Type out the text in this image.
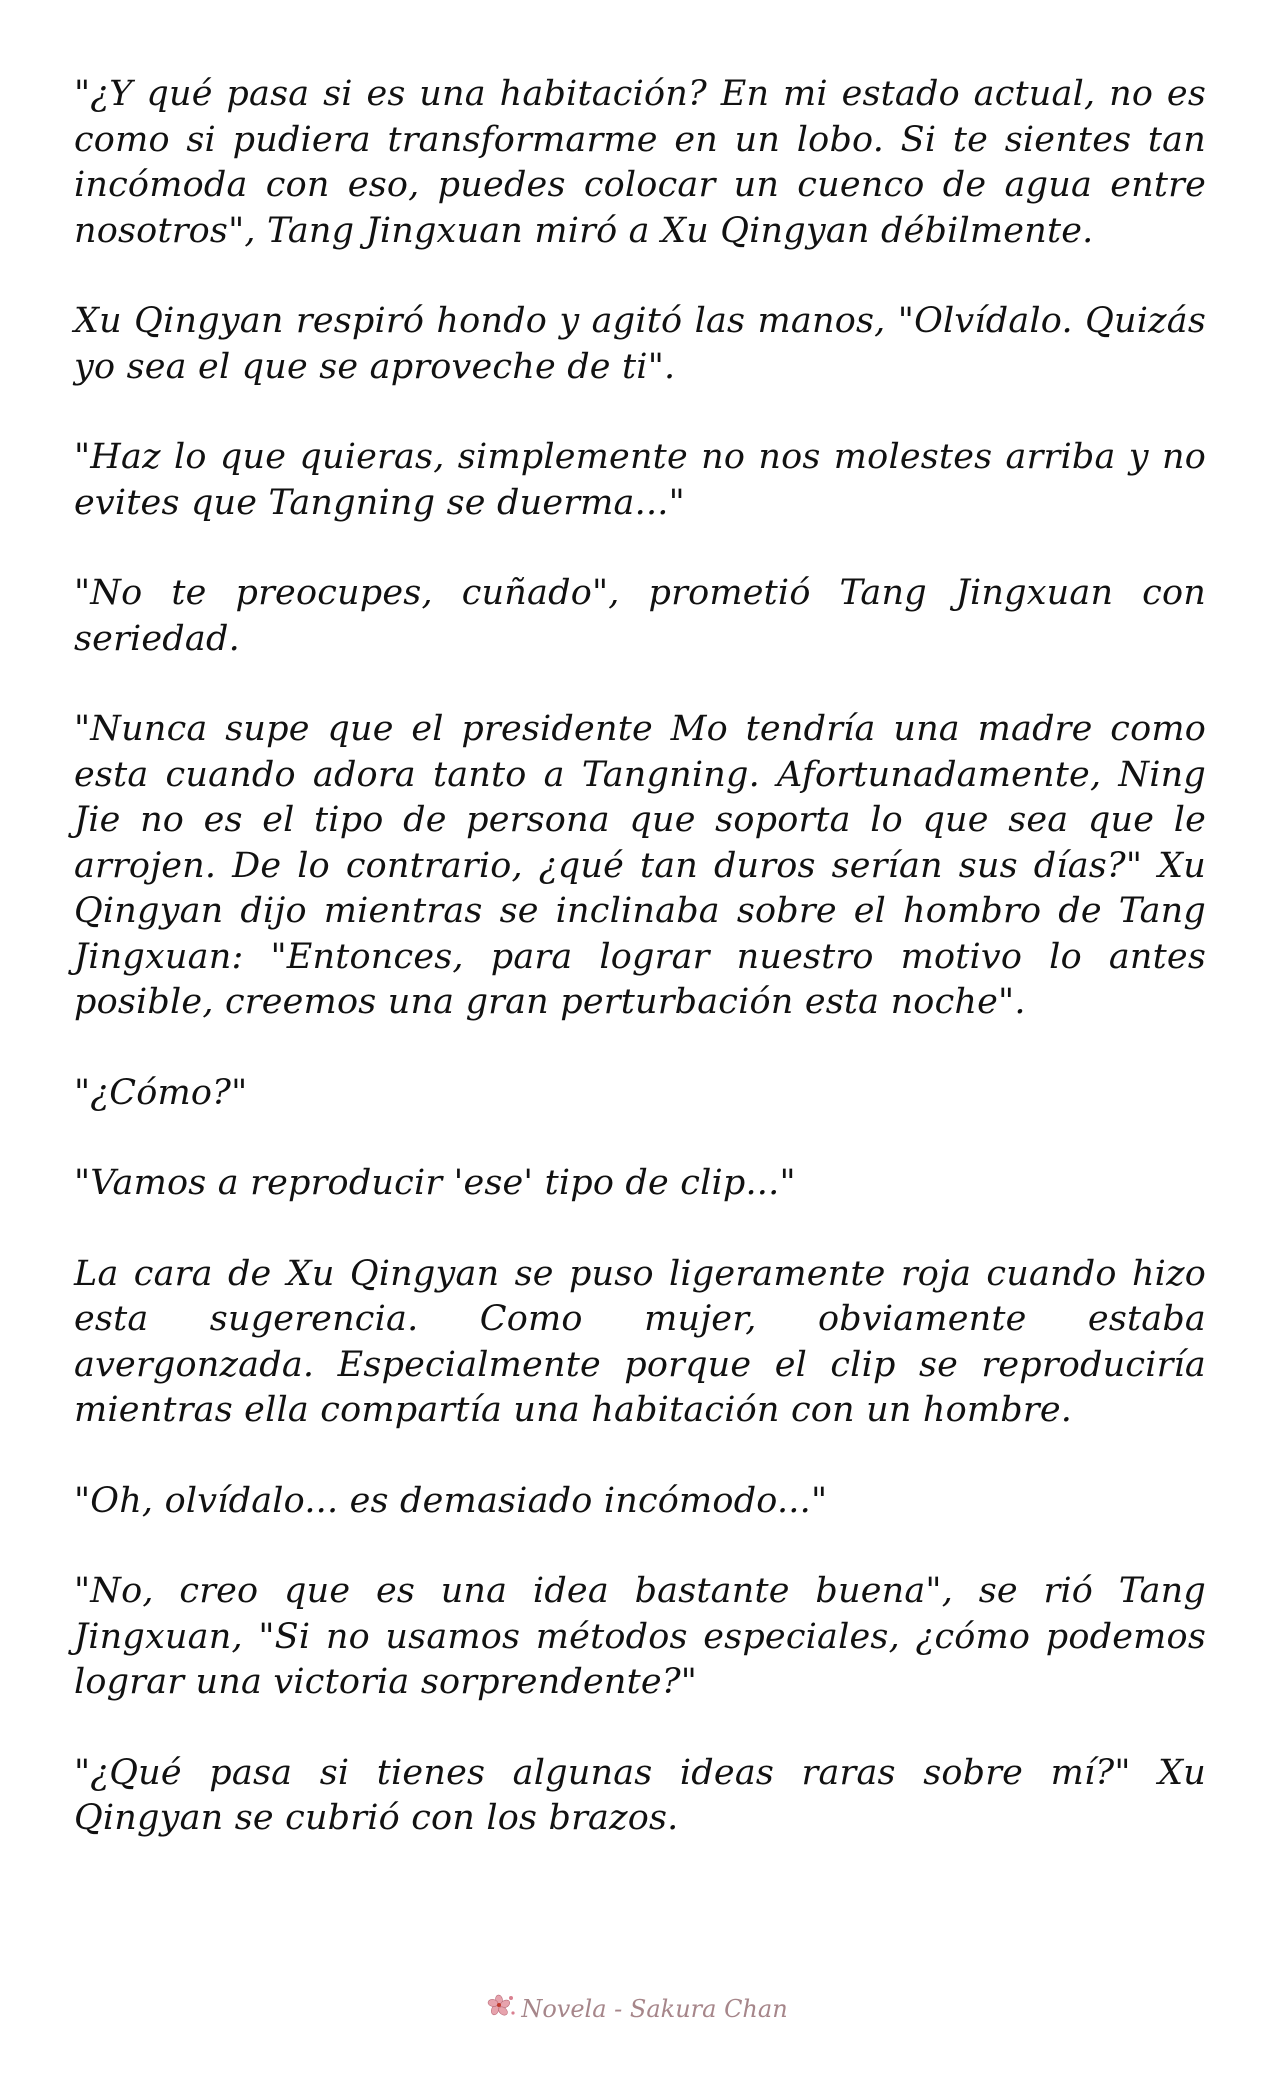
"¿Y qué pasa si es una habitación? En mi estado actual, no es como si pudiera transformarme en un lobo. Si te sientes tan incómoda con eso, puedes colocar un cuenco de agua entre nosotros", Tang Jingxuan miró a Xu Qingyan débilmente.

Xu Qingyan respiró hondo y agitó las manos, "Olvídalo. Quizás yo sea el que se aproveche de ti".

"Haz lo que quieras, simplemente no nos molestes arriba y no evites que Tangning se duerma..."

"No te preocupes, cuñado", prometió Tang Jingxuan con seriedad.

"Nunca supe que el presidente Mo tendría una madre como esta cuando adora tanto a Tangning. Afortunadamente, Ning Jie no es el tipo de persona que soporta lo que sea que le arrojen. De lo contrario, ¿qué tan duros serían sus días?" Xu Qingyan dijo mientras se inclinaba sobre el hombro de Tang Jingxuan: "Entonces, para lograr nuestro motivo lo antes posible, creemos una gran perturbación esta noche".

"¿Cómo?"

"Vamos a reproducir 'ese' tipo de clip..."

La cara de Xu Qingyan se puso ligeramente roja cuando hizo esta sugerencia. Como mujer, obviamente estaba avergonzada. Especialmente porque el clip se reproduciría mientras ella compartía una habitación con un hombre.

"Oh, olvídalo... es demasiado incómodo..."

"No, creo que es una idea bastante buena", se rió Tang Jingxuan, "Si no usamos métodos especiales, ¿cómo podemos lograr una victoria sorprendente?"

"¿Qué pasa si tienes algunas ideas raras sobre mí?" Xu Qingyan se cubrió con los brazos.

Novela - Sakura Chan
